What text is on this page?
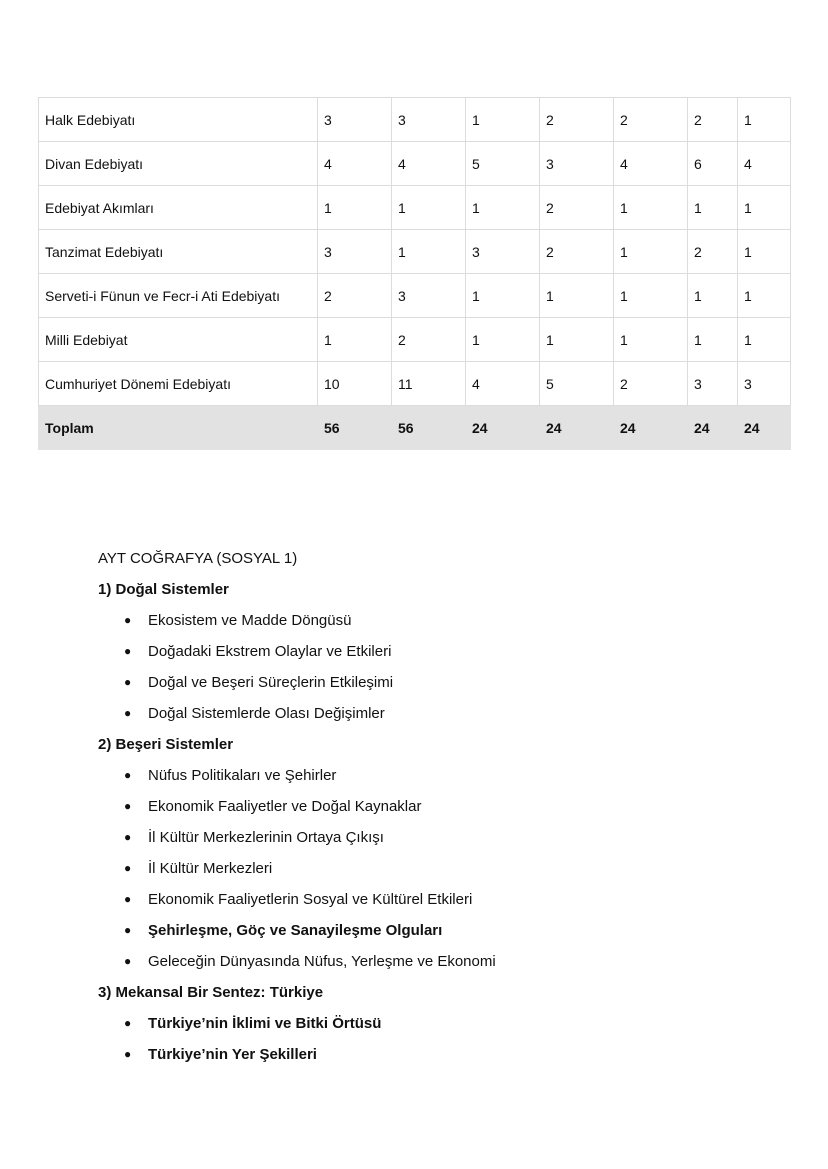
Halk Edebiyatı	3	3	1	2	2	2	1
Divan Edebiyatı	4	4	5	3	4	6	4
Edebiyat Akımları	1	1	1	2	1	1	1
Tanzimat Edebiyatı	3	1	3	2	1	2	1
Serveti-i Fünun ve Fecr-i Ati Edebiyatı	2	3	1	1	1	1	1
Milli Edebiyat	1	2	1	1	1	1	1
Cumhuriyet Dönemi Edebiyatı	10	11	4	5	2	3	3
Toplam	56	56	24	24	24	24	24
AYT COĞRAFYA (SOSYAL 1)
1) Doğal Sistemler
● Ekosistem ve Madde Döngüsü
● Doğadaki Ekstrem Olaylar ve Etkileri
● Doğal ve Beşeri Süreçlerin Etkileşimi
● Doğal Sistemlerde Olası Değişimler
2) Beşeri Sistemler
● Nüfus Politikaları ve Şehirler
● Ekonomik Faaliyetler ve Doğal Kaynaklar
● İl Kültür Merkezlerinin Ortaya Çıkışı
● İl Kültür Merkezleri
● Ekonomik Faaliyetlerin Sosyal ve Kültürel Etkileri
● Şehirleşme, Göç ve Sanayileşme Olguları
● Geleceğin Dünyasında Nüfus, Yerleşme ve Ekonomi
3) Mekansal Bir Sentez: Türkiye
● Türkiye’nin İklimi ve Bitki Örtüsü
● Türkiye’nin Yer Şekilleri
